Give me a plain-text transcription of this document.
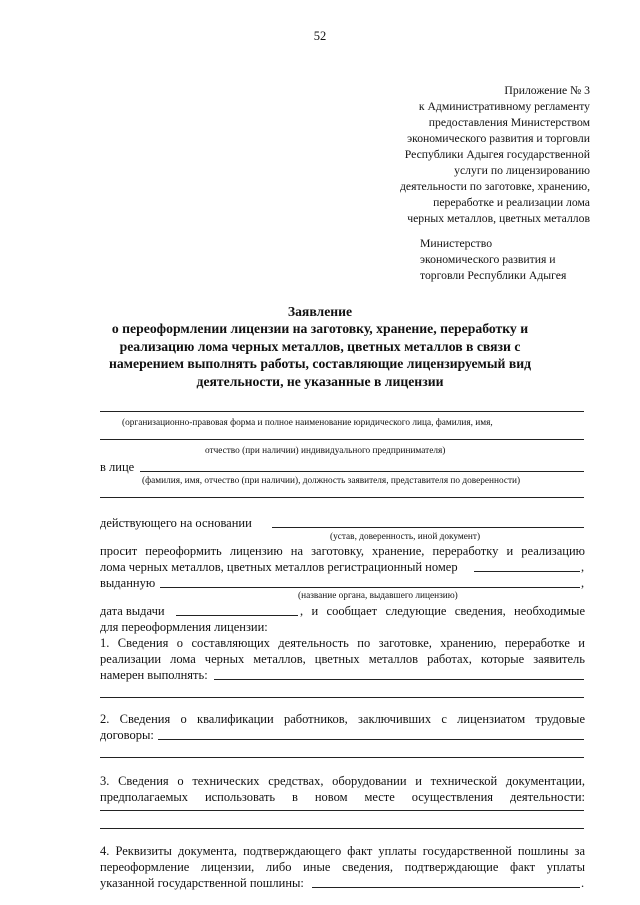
52
Приложение № 3
к Административному регламенту
предоставления Министерством
экономического развития и торговли
Республики Адыгея государственной
услуги по лицензированию
деятельности по заготовке, хранению,
переработке и реализации лома
черных металлов, цветных металлов
Министерство
экономического развития и
торговли Республики Адыгея
Заявление
о переоформлении лицензии на заготовку, хранение, переработку и
реализацию лома черных металлов, цветных металлов в связи с
намерением выполнять работы, составляющие лицензируемый вид
деятельности, не указанные в лицензии
(организационно-правовая форма и полное наименование юридического лица, фамилия, имя,
отчество (при наличии) индивидуального предпринимателя)
в лице
(фамилия, имя, отчество (при наличии), должность заявителя, представителя по доверенности)
действующего на основании
(устав, доверенность, иной документ)
просит переоформить лицензию на заготовку, хранение, переработку и реализацию
лома черных металлов, цветных металлов регистрационный номер	,
выданную	,
(название органа, выдавшего лицензию)
дата выдачи	, и сообщает следующие сведения, необходимые
для переоформления лицензии:
1. Сведения о составляющих деятельность по заготовке, хранению, переработке и
реализации лома черных металлов, цветных металлов работах, которые заявитель
намерен выполнять:
2. Сведения о квалификации работников, заключивших с лицензиатом трудовые
договоры:
3. Сведения о технических средствах, оборудовании и технической документации,
предполагаемых использовать в новом месте осуществления деятельности:
4. Реквизиты документа, подтверждающего факт уплаты государственной пошлины за
переоформление лицензии, либо иные сведения, подтверждающие факт уплаты
указанной государственной пошлины:	.
